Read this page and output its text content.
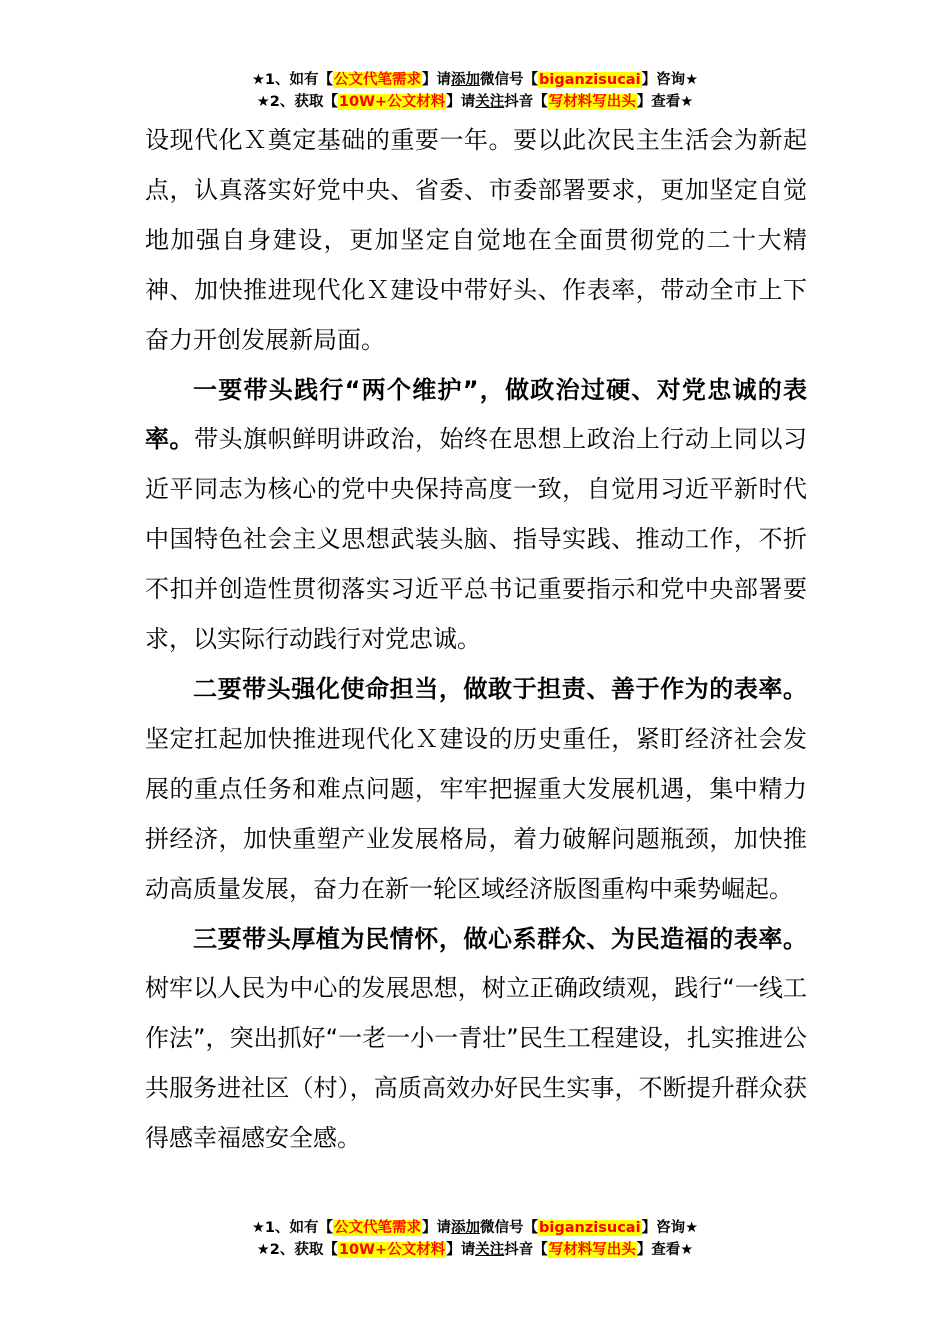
★1、如有【公文代笔需求】请添加微信号【biganzisucai】咨询★
★2、获取【10W+公文材料】请关注抖音【写材料写出头】查看★

设现代化Ｘ奠定基础的重要一年。要以此次民主生活会为新起点，认真落实好党中央、省委、市委部署要求，更加坚定自觉地加强自身建设，更加坚定自觉地在全面贯彻党的二十大精神、加快推进现代化Ｘ建设中带好头、作表率，带动全市上下奋力开创发展新局面。

一要带头践行“两个维护”，做政治过硬、对党忠诚的表率。带头旗帜鲜明讲政治，始终在思想上政治上行动上同以习近平同志为核心的党中央保持高度一致，自觉用习近平新时代中国特色社会主义思想武装头脑、指导实践、推动工作，不折不扣并创造性贯彻落实习近平总书记重要指示和党中央部署要求，以实际行动践行对党忠诚。

二要带头强化使命担当，做敢于担责、善于作为的表率。坚定扛起加快推进现代化Ｘ建设的历史重任，紧盯经济社会发展的重点任务和难点问题，牢牢把握重大发展机遇，集中精力拼经济，加快重塑产业发展格局，着力破解问题瓶颈，加快推动高质量发展，奋力在新一轮区域经济版图重构中乘势崛起。

三要带头厚植为民情怀，做心系群众、为民造福的表率。树牢以人民为中心的发展思想，树立正确政绩观，践行“一线工作法”，突出抓好“一老一小一青壮”民生工程建设，扎实推进公共服务进社区（村），高质高效办好民生实事，不断提升群众获得感幸福感安全感。

★1、如有【公文代笔需求】请添加微信号【biganzisucai】咨询★
★2、获取【10W+公文材料】请关注抖音【写材料写出头】查看★
